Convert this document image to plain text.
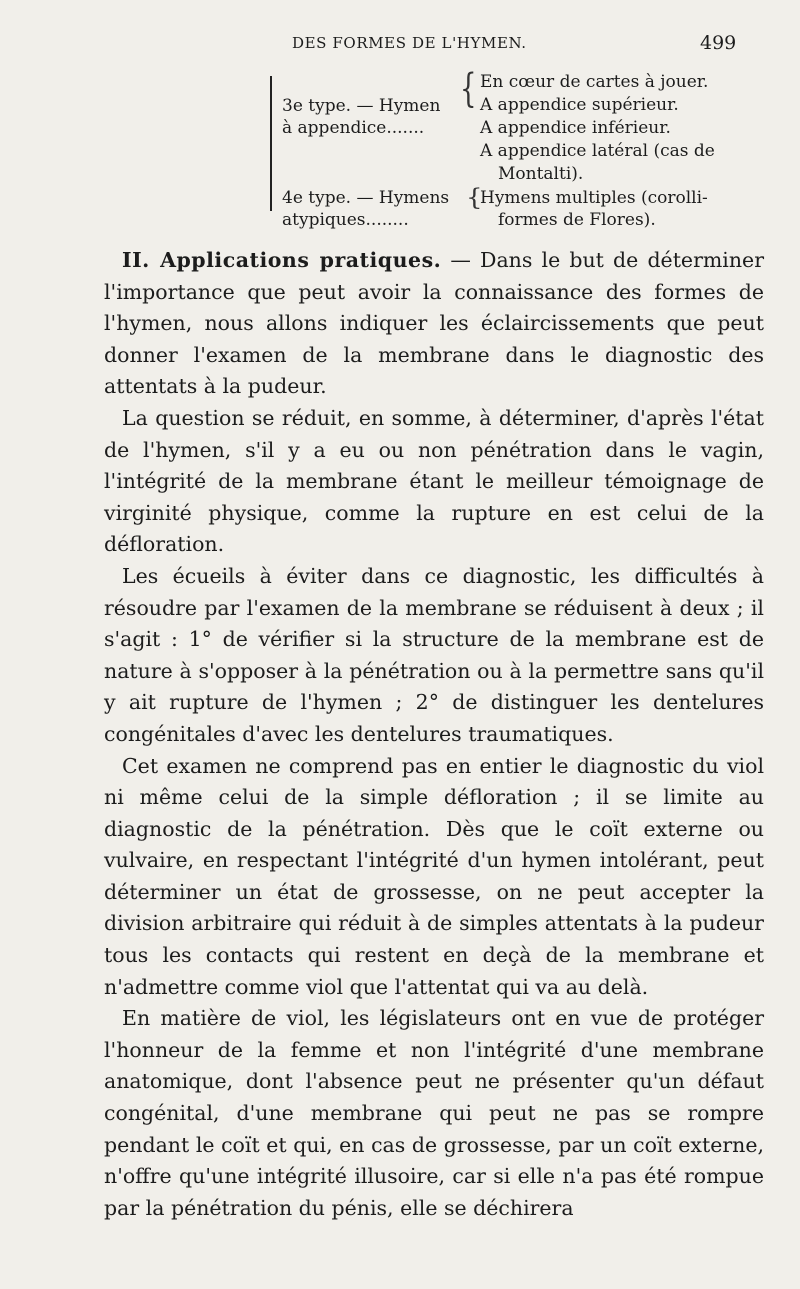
DES FORMES DE L'HYMEN.	499
3e type. — Hymen
à appendice.......
{ En cœur de cartes à jouer.
A appendice supérieur.
A appendice inférieur.
A appendice latéral (cas de
Montalti).
4e type. — Hymens
atypiques........
{
Hymens multiples (corolli-
formes de Flores).

II. Applications pratiques. — Dans le but de déterminer l'importance que peut avoir la connaissance des formes de l'hymen, nous allons indiquer les éclaircissements que peut donner l'examen de la membrane dans le diagnostic des attentats à la pudeur.

La question se réduit, en somme, à déterminer, d'après l'état de l'hymen, s'il y a eu ou non pénétration dans le vagin, l'intégrité de la membrane étant le meilleur témoignage de virginité physique, comme la rupture en est celui de la défloration.

Les écueils à éviter dans ce diagnostic, les difficultés à résoudre par l'examen de la membrane se réduisent à deux ; il s'agit : 1° de vérifier si la structure de la membrane est de nature à s'opposer à la pénétration ou à la permettre sans qu'il y ait rupture de l'hymen ; 2° de distinguer les dentelures congénitales d'avec les dentelures traumatiques.

Cet examen ne comprend pas en entier le diagnostic du viol ni même celui de la simple défloration ; il se limite au diagnostic de la pénétration. Dès que le coït externe ou vulvaire, en respectant l'intégrité d'un hymen intolérant, peut déterminer un état de grossesse, on ne peut accepter la division arbitraire qui réduit à de simples attentats à la pudeur tous les contacts qui restent en deçà de la membrane et n'admettre comme viol que l'attentat qui va au delà.

En matière de viol, les législateurs ont en vue de protéger l'honneur de la femme et non l'intégrité d'une membrane anatomique, dont l'absence peut ne présenter qu'un défaut congénital, d'une membrane qui peut ne pas se rompre pendant le coït et qui, en cas de grossesse, par un coït externe, n'offre qu'une intégrité illusoire, car si elle n'a pas été rompue par la pénétration du pénis, elle se déchirera
